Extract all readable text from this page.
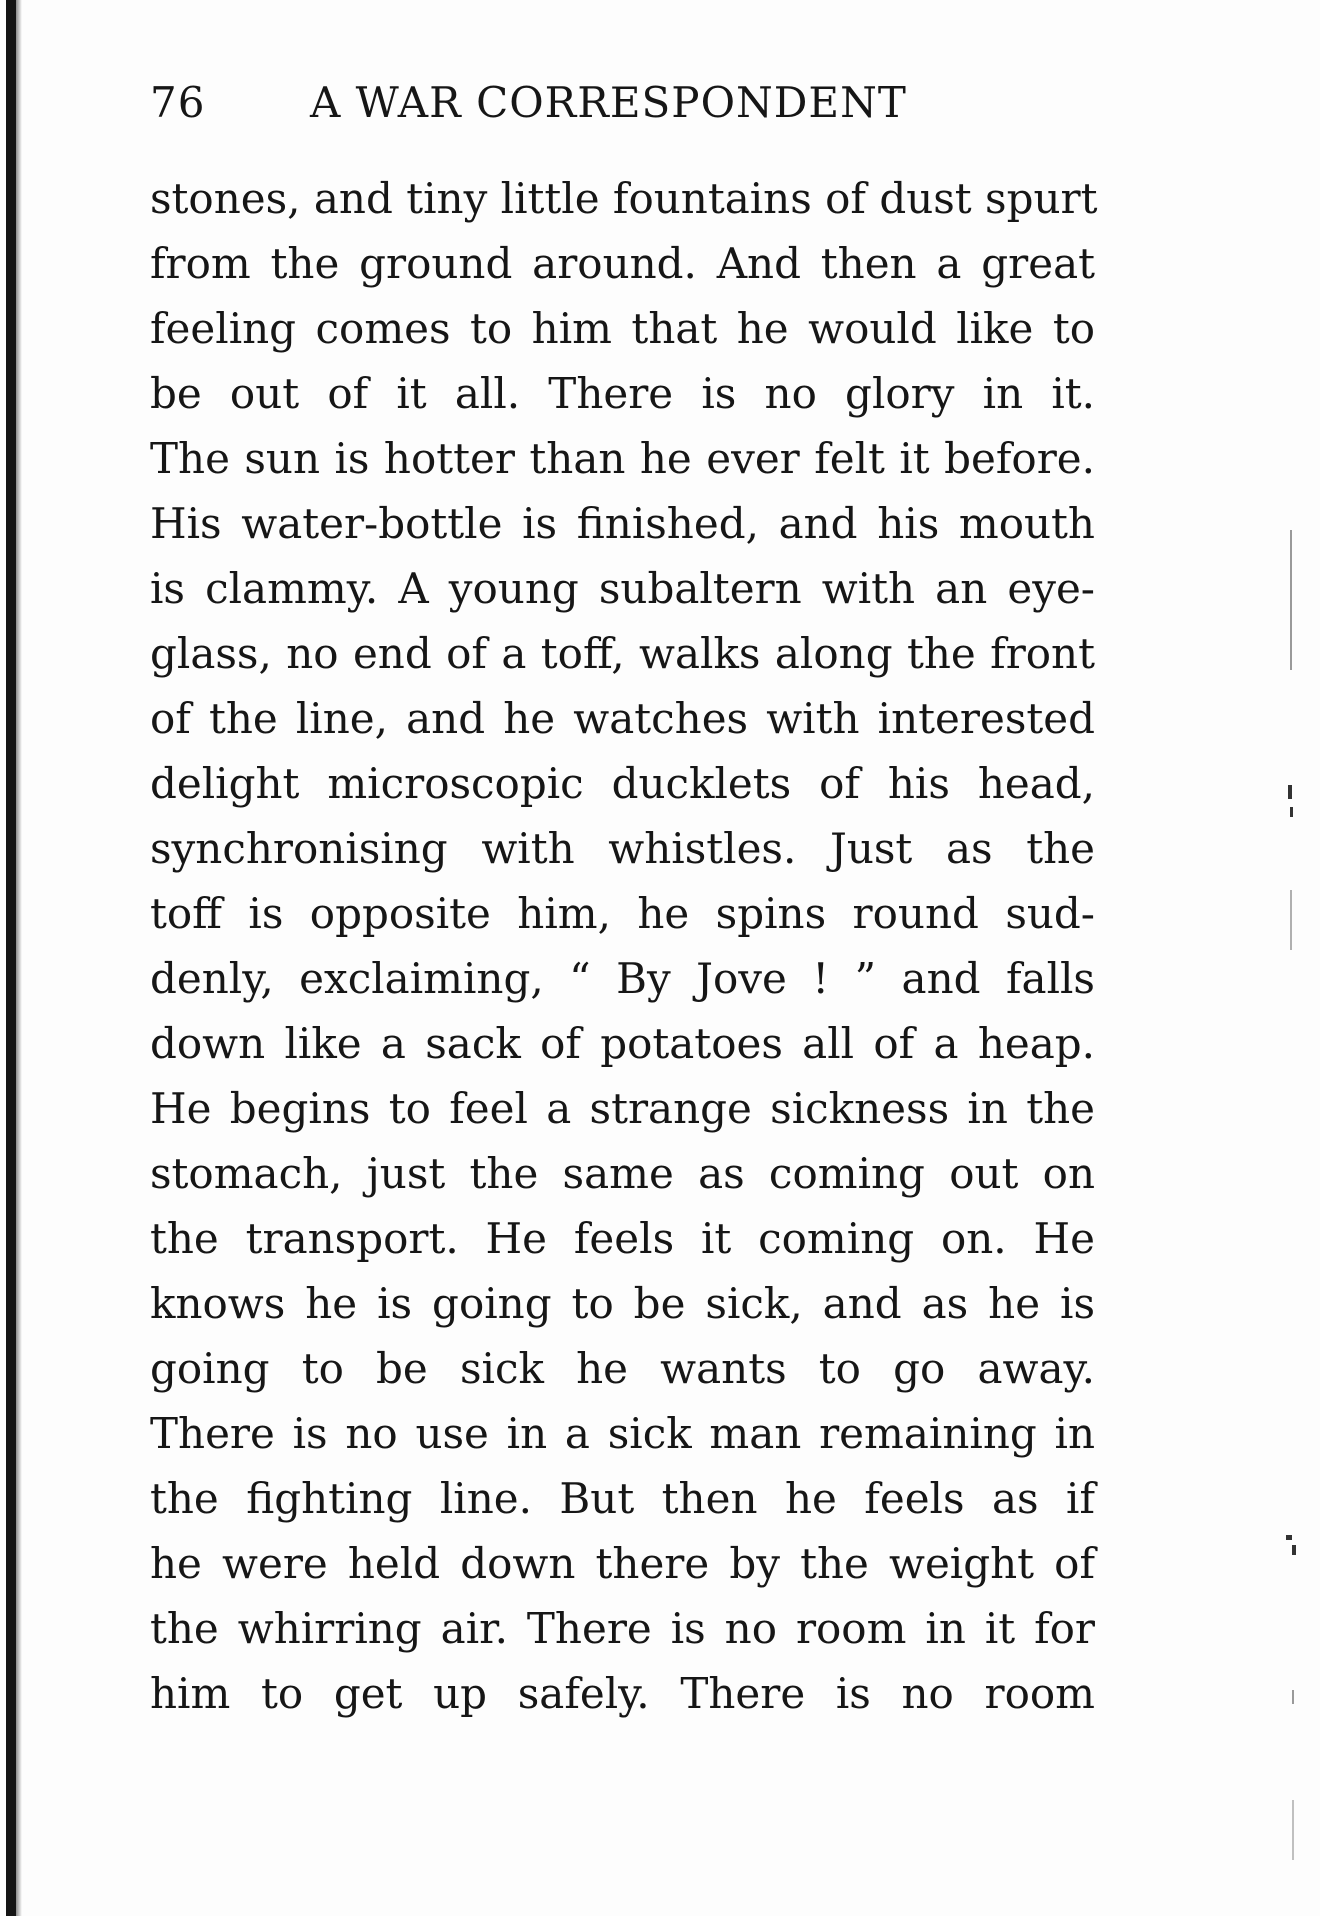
76 A WAR CORRESPONDENT
stones, and tiny little fountains of dust spurt
from the ground around. And then a great
feeling comes to him that he would like to
be out of it all. There is no glory in it.
The sun is hotter than he ever felt it before.
His water-bottle is finished, and his mouth
is clammy. A young subaltern with an eye-
glass, no end of a toff, walks along the front
of the line, and he watches with interested
delight microscopic ducklets of his head,
synchronising with whistles. Just as the
toff is opposite him, he spins round sud-
denly, exclaiming, “ By Jove ! ” and falls
down like a sack of potatoes all of a heap.
He begins to feel a strange sickness in the
stomach, just the same as coming out on
the transport. He feels it coming on. He
knows he is going to be sick, and as he is
going to be sick he wants to go away.
There is no use in a sick man remaining in
the fighting line. But then he feels as if
he were held down there by the weight of
the whirring air. There is no room in it for
him to get up safely. There is no room
